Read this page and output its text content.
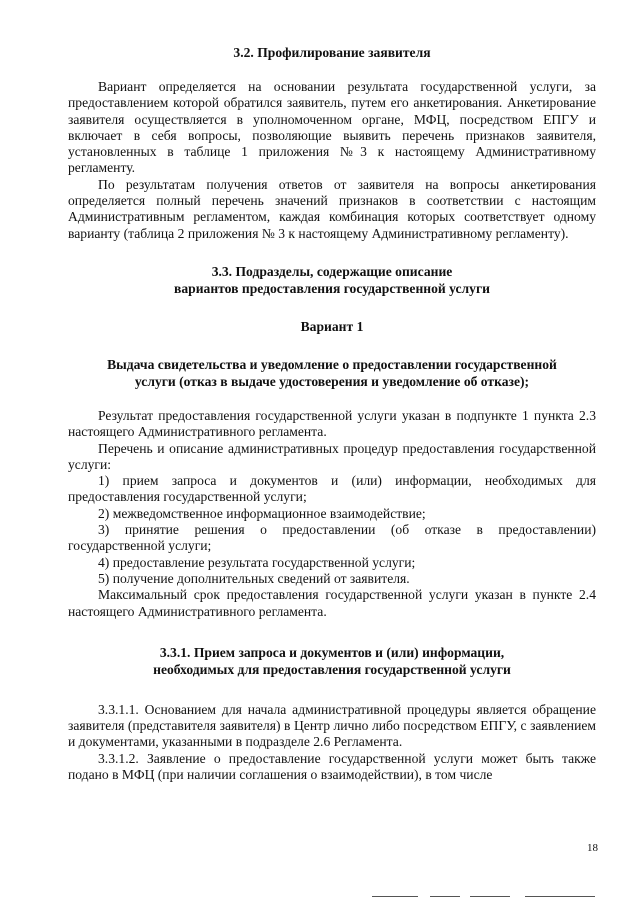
3.2. Профилирование заявителя

Вариант определяется на основании результата государственной услуги, за предоставлением которой обратился заявитель, путем его анкетирования. Анкетирование заявителя осуществляется в уполномоченном органе, МФЦ, посредством ЕПГУ и включает в себя вопросы, позволяющие выявить перечень признаков заявителя, установленных в таблице 1 приложения №3 к настоящему Административному регламенту.

По результатам получения ответов от заявителя на вопросы анкетирования определяется полный перечень значений признаков в соответствии с настоящим Административным регламентом, каждая комбинация которых соответствует одному варианту (таблица 2 приложения № 3 к настоящему Административному регламенту).

3.3. Подразделы, содержащие описание
вариантов предоставления государственной услуги
Вариант 1
Выдача свидетельства и уведомление о предоставлении государственной
услуги (отказ в выдаче удостоверения и уведомление об отказе);

Результат предоставления государственной услуги указан в подпункте 1 пункта 2.3 настоящего Административного регламента.

Перечень и описание административных процедур предоставления государственной услуги:

1) прием запроса и документов и (или) информации, необходимых для предоставления государственной услуги;

2) межведомственное информационное взаимодействие;

3) принятие решения о предоставлении (об отказе в предоставлении) государственной услуги;

4) предоставление результата государственной услуги;

5) получение дополнительных сведений от заявителя.

Максимальный срок предоставления государственной услуги указан в пункте 2.4 настоящего Административного регламента.

3.3.1. Прием запроса и документов и (или) информации,
необходимых для предоставления государственной услуги

3.3.1.1. Основанием для начала административной процедуры является обращение заявителя (представителя заявителя) в Центр лично либо посредством ЕПГУ, с заявлением и документами, указанными в подразделе 2.6 Регламента.

3.3.1.2. Заявление о предоставление государственной услуги может быть также подано в МФЦ (при наличии соглашения о взаимодействии), в том числе

18
